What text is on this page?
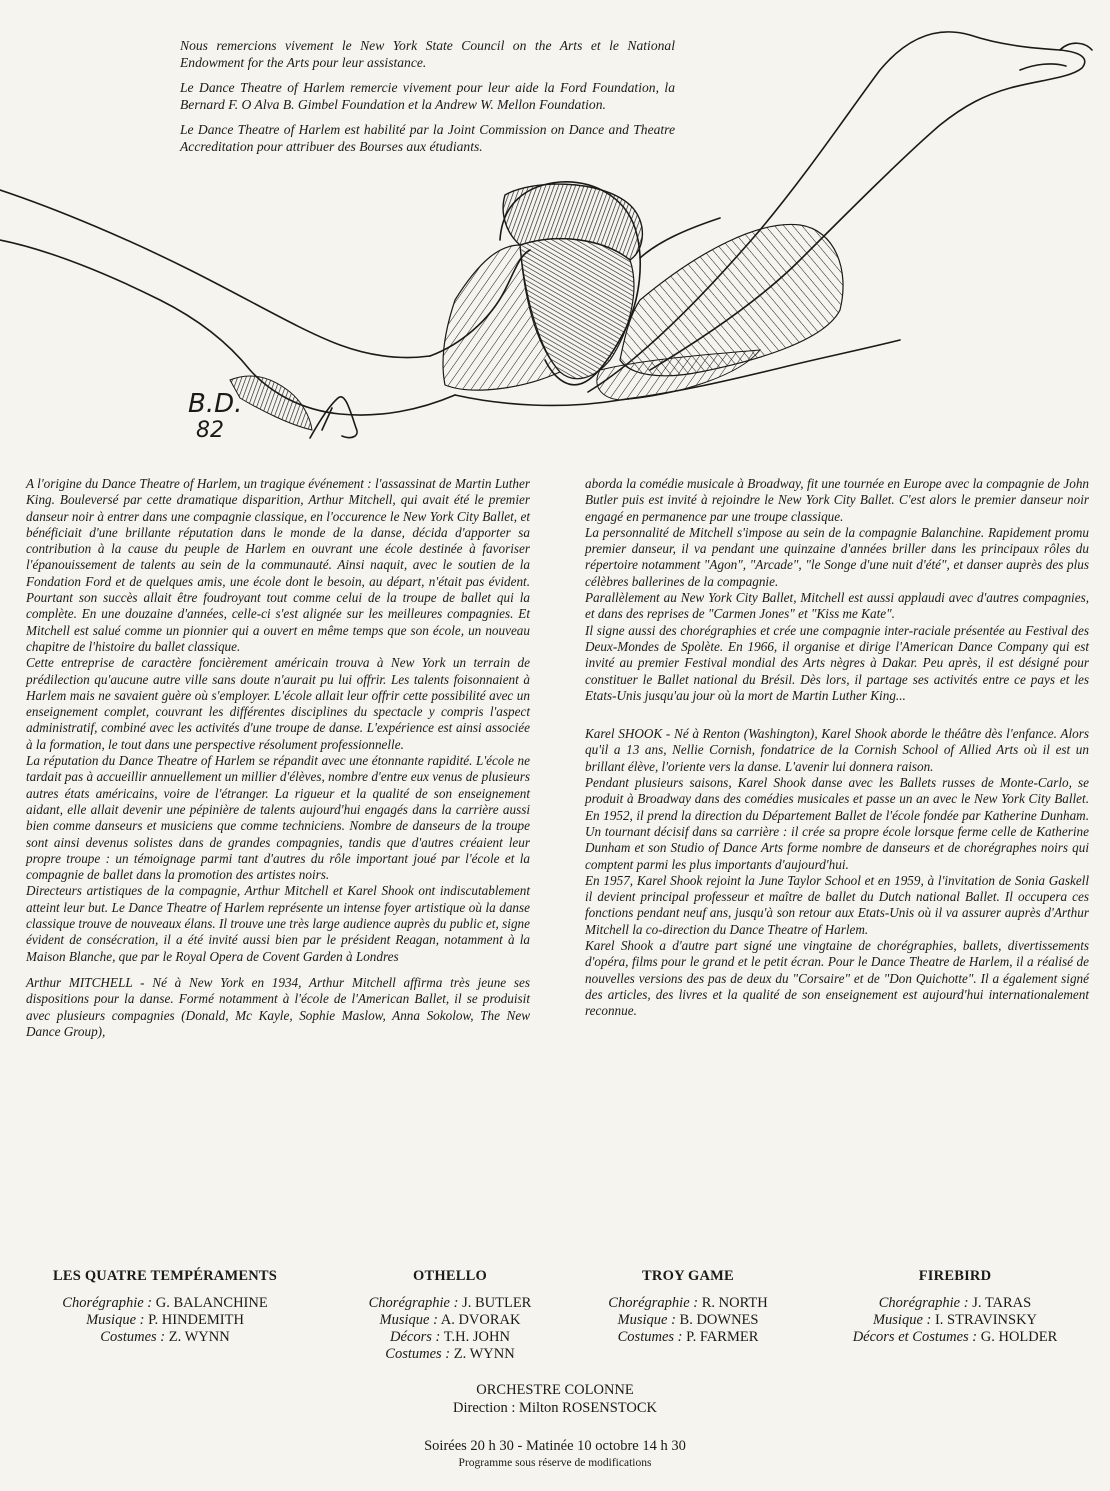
Nous remercions vivement le New York State Council on the Arts et le National Endowment for the Arts pour leur assistance.

Le Dance Theatre of Harlem remercie vivement pour leur aide la Ford Foundation, la Bernard F. O Alva B. Gimbel Foundation et la Andrew W. Mellon Foundation.

Le Dance Theatre of Harlem est habilité par la Joint Commission on Dance and Theatre Accreditation pour attribuer des Bourses aux étudiants.

B.D.
82

A l'origine du Dance Theatre of Harlem, un tragique événement : l'assassinat de Martin Luther King. Bouleversé par cette dramatique disparition, Arthur Mitchell, qui avait été le premier danseur noir à entrer dans une compagnie classique, en l'occurence le New York City Ballet, et bénéficiait d'une brillante réputation dans le monde de la danse, décida d'apporter sa contribution à la cause du peuple de Harlem en ouvrant une école destinée à favoriser l'épanouissement de talents au sein de la communauté. Ainsi naquit, avec le soutien de la Fondation Ford et de quelques amis, une école dont le besoin, au départ, n'était pas évident. Pourtant son succès allait être foudroyant tout comme celui de la troupe de ballet qui la complète. En une douzaine d'années, celle-ci s'est alignée sur les meilleures compagnies. Et Mitchell est salué comme un pionnier qui a ouvert en même temps que son école, un nouveau chapitre de l'histoire du ballet classique.

Cette entreprise de caractère foncièrement américain trouva à New York un terrain de prédilection qu'aucune autre ville sans doute n'aurait pu lui offrir. Les talents foisonnaient à Harlem mais ne savaient guère où s'employer. L'école allait leur offrir cette possibilité avec un enseignement complet, couvrant les différentes disciplines du spectacle y compris l'aspect administratif, combiné avec les activités d'une troupe de danse. L'expérience est ainsi associée à la formation, le tout dans une perspective résolument professionnelle.

La réputation du Dance Theatre of Harlem se répandit avec une étonnante rapidité. L'école ne tardait pas à accueillir annuellement un millier d'élèves, nombre d'entre eux venus de plusieurs autres états américains, voire de l'étranger. La rigueur et la qualité de son enseignement aidant, elle allait devenir une pépinière de talents aujourd'hui engagés dans la carrière aussi bien comme danseurs et musiciens que comme techniciens. Nombre de danseurs de la troupe sont ainsi devenus solistes dans de grandes compagnies, tandis que d'autres créaient leur propre troupe : un témoignage parmi tant d'autres du rôle important joué par l'école et la compagnie de ballet dans la promotion des artistes noirs.

Directeurs artistiques de la compagnie, Arthur Mitchell et Karel Shook ont indiscutablement atteint leur but. Le Dance Theatre of Harlem représente un intense foyer artistique où la danse classique trouve de nouveaux élans. Il trouve une très large audience auprès du public et, signe évident de consécration, il a été invité aussi bien par le président Reagan, notamment à la Maison Blanche, que par le Royal Opera de Covent Garden à Londres

Arthur MITCHELL - Né à New York en 1934, Arthur Mitchell affirma très jeune ses dispositions pour la danse. Formé notamment à l'école de l'American Ballet, il se produisit avec plusieurs compagnies (Donald, Mc Kayle, Sophie Maslow, Anna Sokolow, The New Dance Group),

aborda la comédie musicale à Broadway, fit une tournée en Europe avec la compagnie de John Butler puis est invité à rejoindre le New York City Ballet. C'est alors le premier danseur noir engagé en permanence par une troupe classique.

La personnalité de Mitchell s'impose au sein de la compagnie Balanchine. Rapidement promu premier danseur, il va pendant une quinzaine d'années briller dans les principaux rôles du répertoire notamment "Agon", "Arcade", "le Songe d'une nuit d'été", et danser auprès des plus célèbres ballerines de la compagnie.

Parallèlement au New York City Ballet, Mitchell est aussi applaudi avec d'autres compagnies, et dans des reprises de "Carmen Jones" et "Kiss me Kate".

Il signe aussi des chorégraphies et crée une compagnie inter-raciale présentée au Festival des Deux-Mondes de Spolète. En 1966, il organise et dirige l'American Dance Company qui est invité au premier Festival mondial des Arts nègres à Dakar. Peu après, il est désigné pour constituer le Ballet national du Brésil. Dès lors, il partage ses activités entre ce pays et les Etats-Unis jusqu'au jour où la mort de Martin Luther King...

Karel SHOOK - Né à Renton (Washington), Karel Shook aborde le théâtre dès l'enfance. Alors qu'il a 13 ans, Nellie Cornish, fondatrice de la Cornish School of Allied Arts où il est un brillant élève, l'oriente vers la danse. L'avenir lui donnera raison.

Pendant plusieurs saisons, Karel Shook danse avec les Ballets russes de Monte-Carlo, se produit à Broadway dans des comédies musicales et passe un an avec le New York City Ballet. En 1952, il prend la direction du Département Ballet de l'école fondée par Katherine Dunham. Un tournant décisif dans sa carrière : il crée sa propre école lorsque ferme celle de Katherine Dunham et son Studio of Dance Arts forme nombre de danseurs et de chorégraphes noirs qui comptent parmi les plus importants d'aujourd'hui.

En 1957, Karel Shook rejoint la June Taylor School et en 1959, à l'invitation de Sonia Gaskell il devient principal professeur et maître de ballet du Dutch national Ballet. Il occupera ces fonctions pendant neuf ans, jusqu'à son retour aux Etats-Unis où il va assurer auprès d'Arthur Mitchell la co-direction du Dance Theatre of Harlem.

Karel Shook a d'autre part signé une vingtaine de chorégraphies, ballets, divertissements d'opéra, films pour le grand et le petit écran. Pour le Dance Theatre de Harlem, il a réalisé de nouvelles versions des pas de deux du "Corsaire" et de "Don Quichotte". Il a également signé des articles, des livres et la qualité de son enseignement est aujourd'hui internationalement reconnue.

LES QUATRE TEMPÉRAMENTS
Chorégraphie : G. BALANCHINE
Musique : P. HINDEMITH
Costumes : Z. WYNN
OTHELLO
Chorégraphie : J. BUTLER
Musique : A. DVORAK
Décors : T.H. JOHN
Costumes : Z. WYNN
TROY GAME
Chorégraphie : R. NORTH
Musique : B. DOWNES
Costumes : P. FARMER
FIREBIRD
Chorégraphie : J. TARAS
Musique : I. STRAVINSKY
Décors et Costumes : G. HOLDER
ORCHESTRE COLONNE
Direction : Milton ROSENSTOCK
Soirées 20 h 30 - Matinée 10 octobre 14 h 30
Programme sous réserve de modifications
